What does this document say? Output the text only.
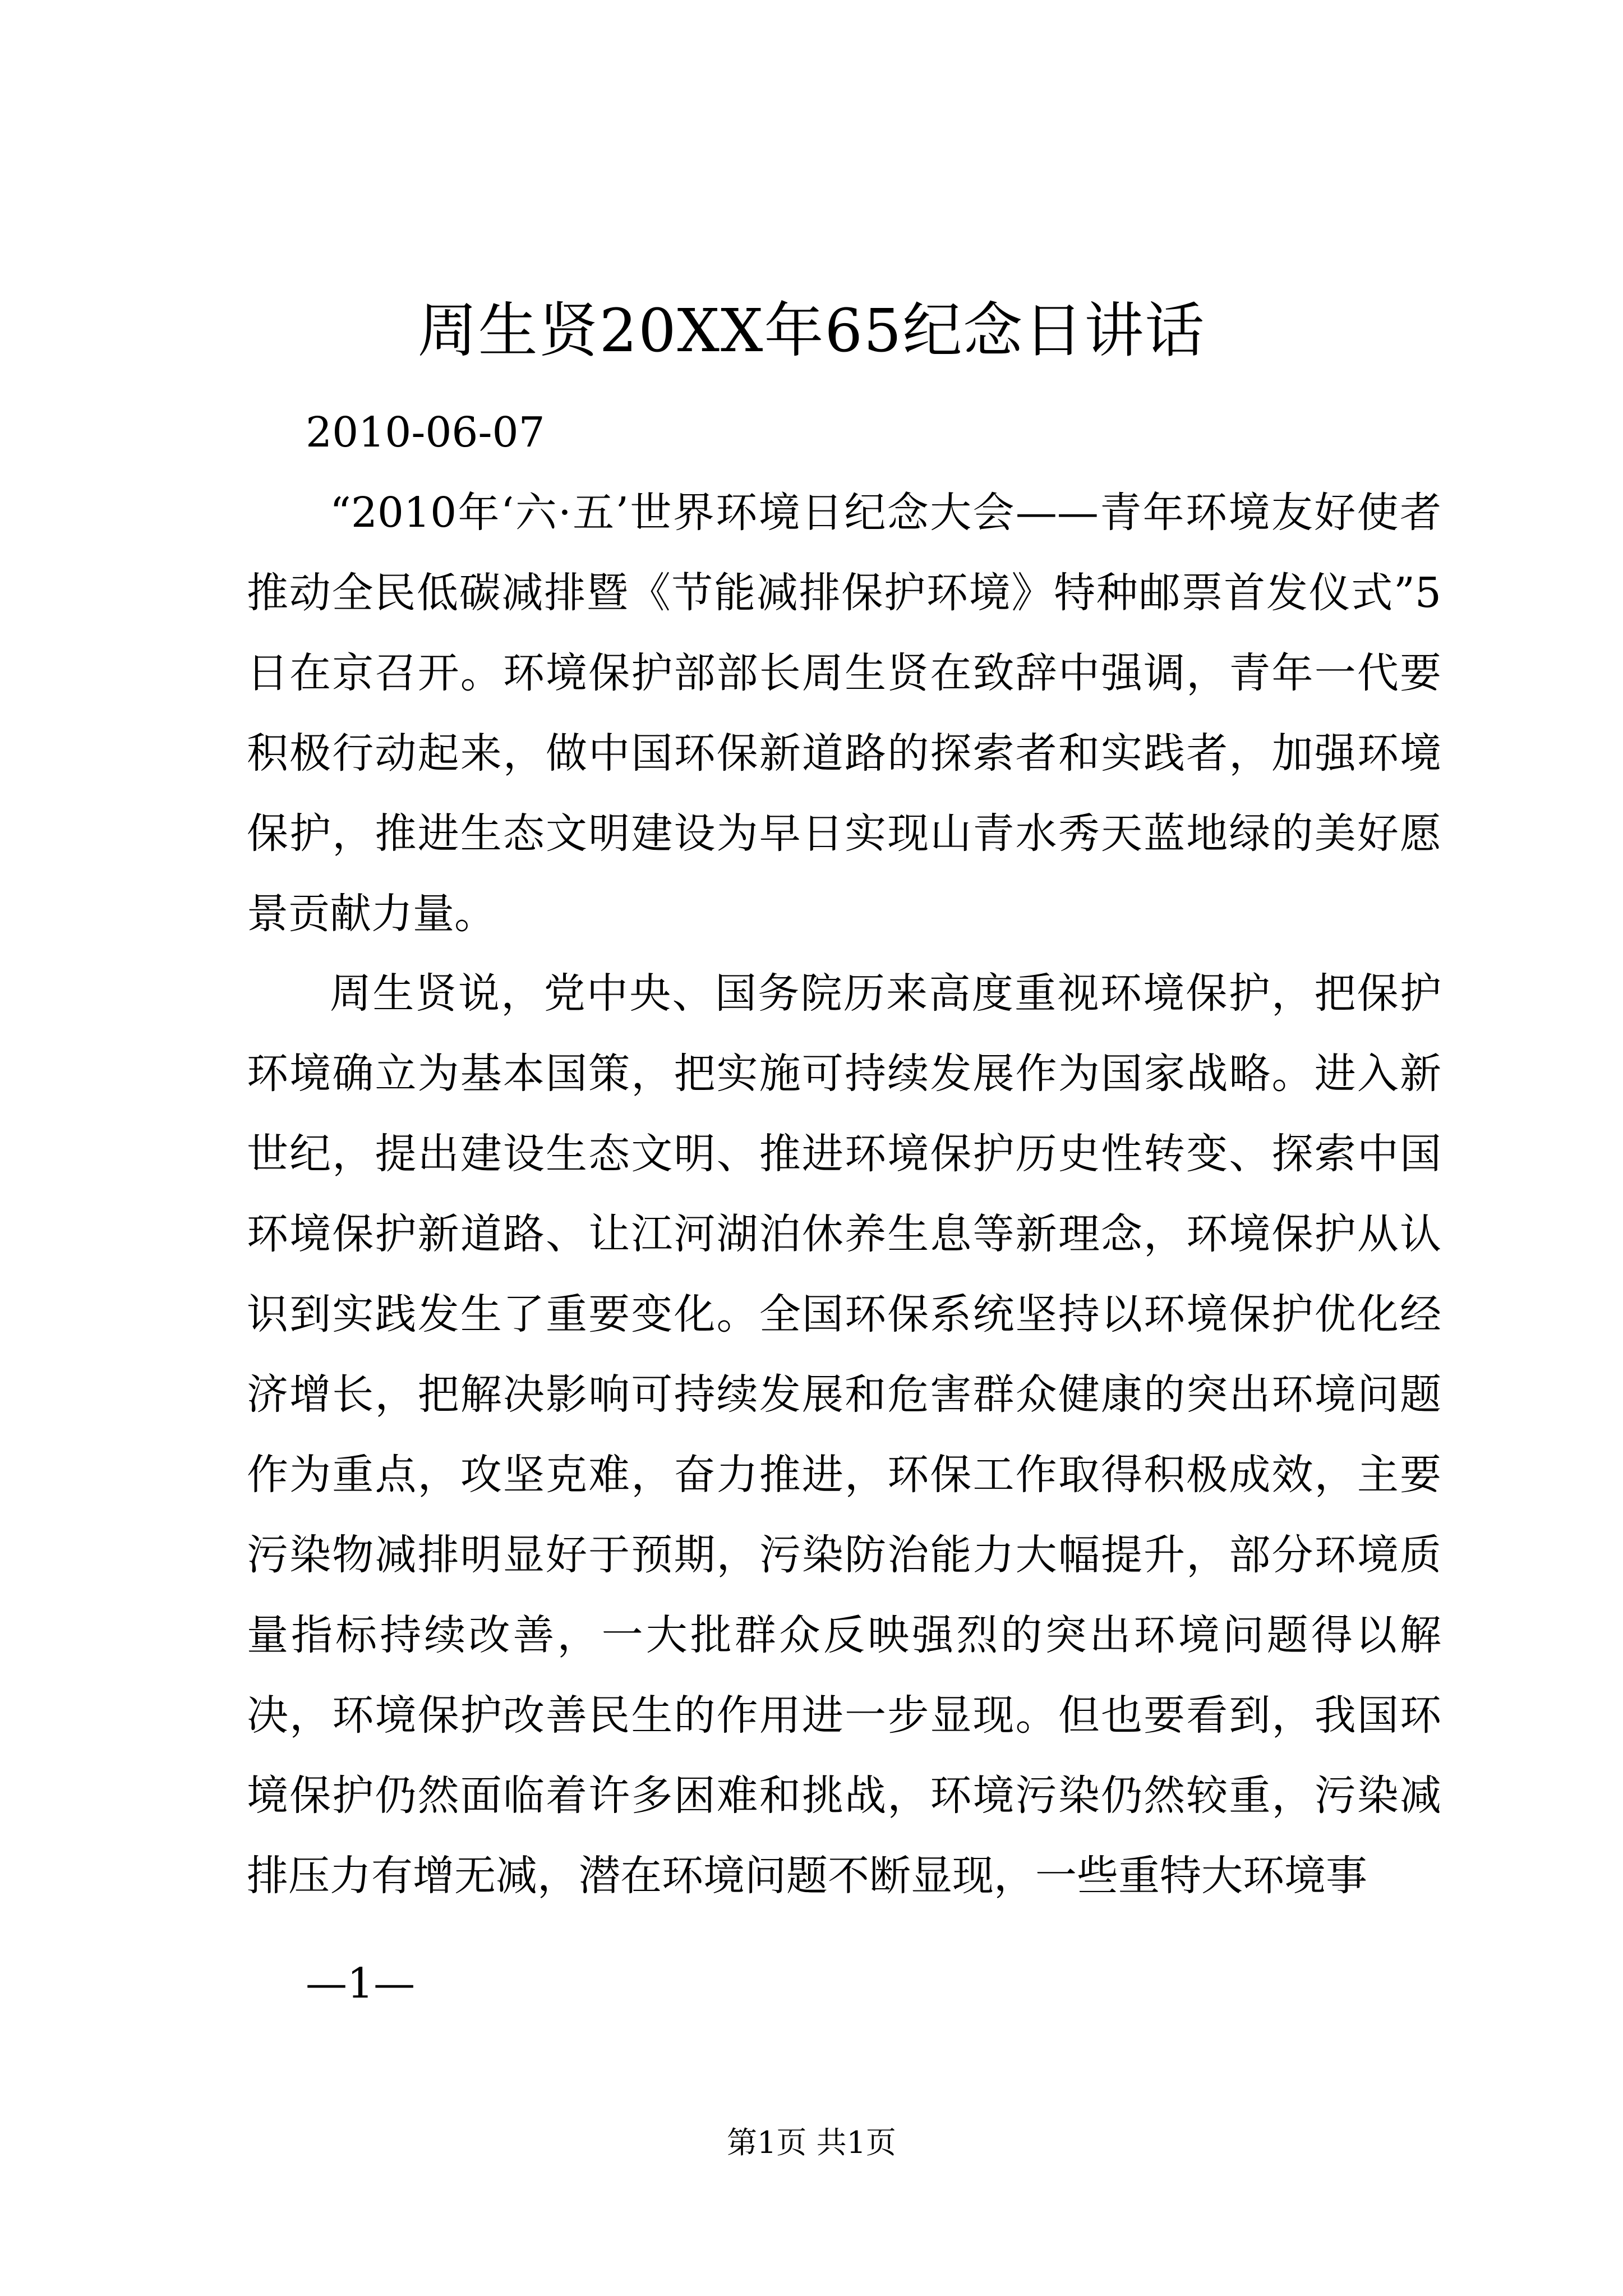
周生贤20XX年65纪念日讲话
2010-06-07

“2010年‘六·五’世界环境日纪念大会——青年环境友好使者推动全民低碳减排暨《节能减排保护环境》特种邮票首发仪式”5日在京召开。环境保护部部长周生贤在致辞中强调，青年一代要积极行动起来，做中国环保新道路的探索者和实践者，加强环境保护，推进生态文明建设为早日实现山青水秀天蓝地绿的美好愿景贡献力量。

周生贤说，党中央、国务院历来高度重视环境保护，把保护环境确立为基本国策，把实施可持续发展作为国家战略。进入新世纪，提出建设生态文明、推进环境保护历史性转变、探索中国环境保护新道路、让江河湖泊休养生息等新理念，环境保护从认识到实践发生了重要变化。全国环保系统坚持以环境保护优化经济增长，把解决影响可持续发展和危害群众健康的突出环境问题作为重点，攻坚克难，奋力推进，环保工作取得积极成效，主要污染物减排明显好于预期，污染防治能力大幅提升，部分环境质量指标持续改善，一大批群众反映强烈的突出环境问题得以解决，环境保护改善民生的作用进一步显现。但也要看到，我国环境保护仍然面临着许多困难和挑战，环境污染仍然较重，污染减排压力有增无减，潜在环境问题不断显现，一些重特大环境事

—1—
第1页 共1页
